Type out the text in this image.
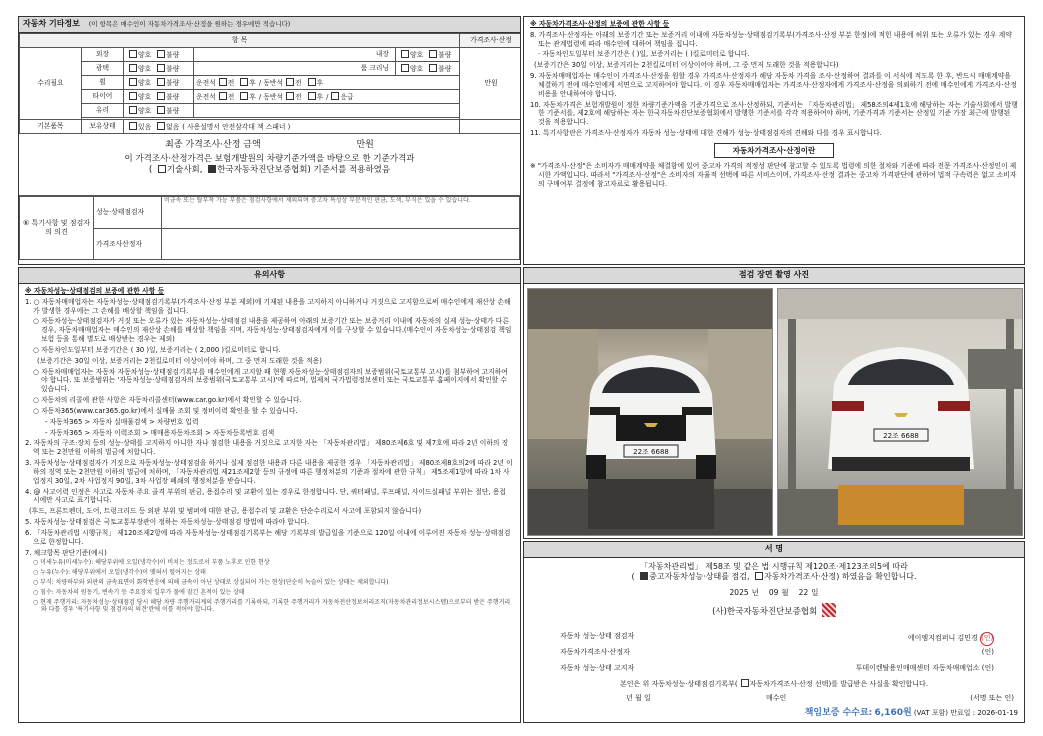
자동차 기타정보 (이 항목은 매수인이 자동차가격조사·산정을 원하는 경우에만 적습니다)
항 목					가격조사·산정
수리필요	외장	양호 불량	내장	양호 불량	만원
	광택	양호 불량	룸 크리닝	양호 불량	
	휠	양호 불량	운전석 전 후 / 동반석 전 후		
	타이어	양호 불량	운전석 전 후 / 동반석 전 후 / 응급		
	유리	양호 불량			

기본품목	보유상태	있음 없음 ( 사용설명서 안전삼각대 잭 스패너 )			
최종 가격조사·산정 금액	만원
이 가격조사·산정가격은 보험개발원의 차량기준가액을 바탕으로 한 기준가격과
( 기술사회, 한국자동차진단보증협회) 기준서를 적용하였음
⑥ 특기사항 및 점검자의 의견	성능·상태점검자	비금속 또는 탈부착 가능 부품은 점검사항에서 제외되며 중고차 특성상 부분적인 판금, 도색, 부식은 있을 수 있습니다.
	가격조사산정자	
※ 자동차가격조사·산정의 보증에 관한 사항 등
8. 가격조사·산정자는 아래의 보증기간 또는 보증거리 이내에 자동차성능·상태점검기록부(가격조사·산정 부분 한정)에 적힌 내용에 허위 또는 오류가 있는 경우 계약 또는 관계법령에 따라 매수인에 대하여 책임을 집니다.
· 자동차인도일부터 보증기간은 ( )일, 보증거리는 ( )킬로미터로 합니다.
(보증기간은 30일 이상, 보증거리는 2천킬로미터 이상이어야 하며, 그 중 먼저 도래한 것을 적용합니다)
9. 자동차매매업자는 매수인이 가격조사·산정을 원할 경우 가격조사·산정자가 해당 자동차 가격을 조사·산정하여 결과를 이 서식에 적도록 한 후, 반드시 매매계약을 체결하기 전에 매수인에게 서면으로 고지하여야 합니다. 이 경우 자동차매매업자는 가격조사·산정자에게 가격조사·산정을 의뢰하기 전에 매수인에게 가격조사·산정 비용을 안내하여야 합니다.
10. 자동차가격은 보험개발원이 정한 차량기준가액을 기준가격으로 조사·산정하되, 기준서는 「자동차관리법」 제58조의4제1호에 해당하는 자는 기술사회에서 발행한 기준서를, 제2호에 해당하는 자는 한국자동차진단보증협회에서 발행한 기준서를 각각 적용하여야 하며, 기준가격과 기준서는 산정일 기준 가장 최근에 발행된 것을 적용합니다.
11. 특기사항란은 가격조사·산정자가 자동차 성능·상태에 대한 견해가 성능·상태점검자의 견해와 다를 경우 표시합니다.
자동차가격조사·산정이란
※ "가격조사·산정"은 소비자가 매매계약을 체결함에 있어 중고차 가격의 적정성 판단에 참고할 수 있도록 법령에 의한 절차와 기준에 따라 전문 가격조사·산정인이 제시한 가액입니다. 따라서 "가격조사·산정"은 소비자의 자율적 선택에 따른 서비스이며, 가격조사·산정 결과는 중고차 가격판단에 관하여 법적 구속력은 없고 소비자의 구매여부 결정에 참고자료로 활용됩니다.
유의사항
※ 자동차성능·상태점검의 보증에 관한 사항 등
1. ○ 자동차매매업자는 자동차성능·상태점검기록부(가격조사·산정 부분 제외)에 기재된 내용을 고지하지 아니하거나 거짓으로 고지함으로써 매수인에게 재산상 손해가 발생한 경우에는 그 손해를 배상할 책임을 집니다.
○ 자동차성능·상태점검자가 거짓 또는 오류가 있는 자동차성능·상태점검 내용을 제공하여 아래의 보증기간 또는 보증거리 이내에 자동차의 실제 성능·상태가 다른 경우, 자동차매매업자는 매수인의 재산상 손해를 배상할 책임을 지며, 자동차성능·상태점검자에게 이를 구상할 수 있습니다.(매수인이 자동차성능·상태점검 책임보험 등을 통해 별도로 배상받는 경우는 제외)
○ 자동차인도일부터 보증기간은 ( 30 )일, 보증거리는 ( 2,000 )킬로미터로 합니다.
(보증기간은 30일 이상, 보증거리는 2천킬로미터 이상이어야 하며, 그 중 먼저 도래한 것을 적용)
○ 자동차매매업자는 자동차 자동차성능·상태점검기록부를 매수인에게 고지할 때 현행 자동차성능·상태점검자의 보증범위(국토교통부 고시)를 첨부하여 고지하여야 합니다. 또 보증범위는 '자동차성능·상태점검자의 보증범위(국토교통부 고시)'에 따르며, 법제처 국가법령정보센터 또는 국토교통부 홈페이지에서 확인할 수 있습니다.
○ 자동차의 리콜에 관한 사항은 자동차리콜센터(www.car.go.kr)에서 확인할 수 있습니다.
○ 자동차365(www.car365.go.kr)에서 실매물 조회 및 정비이력 확인을 할 수 있습니다.
- 자동차365 > 자동차 실매물검색 > 차량번호 입력
- 자동차365 > 자동차 이력조회 > 매매용자동차조회 > 자동차등록번호 검색
2. 자동차의 구조·장치 등의 성능·상태를 고지하지 아니한 자나 점검한 내용을 거짓으로 고지한 자는 「자동차관리법」 제80조제6호 및 제7호에 따라 2년 이하의 징역 또는 2천만원 이하의 벌금에 처합니다.
3. 자동차성능·상태점검자가 거짓으로 자동차성능·상태점검을 하거나 실제 점검한 내용과 다른 내용을 제공한 경우 「자동차관리법」 제80조제8호의2에 따라 2년 이하의 징역 또는 2천만원 이하의 벌금에 처하며, 「자동차관리법 제21조제2항 등의 규정에 따른 행정처분의 기준과 절차에 관한 규칙」 제5조제1항에 따라 1차 사업정지 30일, 2차 사업정지 90일, 3차 사업장 폐쇄의 행정처분을 받습니다.
4. @ 사고이력 인정은 사고로 자동차 주요 골격 부위의 판금, 용접수리 및 교환이 있는 경우로 한정합니다. 단, 쿼터패널, 루프패널, 사이드실패널 부위는 절단, 용접 시에만 사고로 표기합니다.
(후드, 프론트펜더, 도어, 트렁크리드 등 외판 부위 및 범퍼에 대한 판금, 용접수리 및 교환은 단순수리로서 사고에 포함되지 않습니다)
5. 자동차성능·상태점검은 국토교통부장관이 정하는 자동차성능·상태점검 방법에 따라야 합니다.
6. 「자동차관리법 시행규칙」 제120조제2항에 따라 자동차성능·상태점검기록부는 해당 기록부의 발급일을 기준으로 120일 이내에 이루어진 자동차 성능·상태점검으로 한정합니다.
7. 체크항목 판단기준(예시)
○ 미세누유(미세누수): 해당부위에 오일(냉각수)이 비치는 정도로서 부품 노후로 인한 현상
○ 누유(누수): 해당부위에서 오일(냉각수)이 맺혀서 떨어지는 상태
○ 부식: 차량하부와 외판의 금속표면이 화학반응에 의해 금속이 아닌 상태로 상실되어 가는 현상(단순히 녹슬어 있는 상태는 제외합니다)
○ 침수: 자동차의 원동기, 변속기 등 주요장치 일부가 물에 잠긴 흔적이 있는 상태
○ 현재 주행거리: 자동차성능·상태점검 당시 해당 차량 주행거리계의 주행거리를 기록하되, 기록한 주행거리가 자동차전산정보처리조직(자동차관리정보시스템)으로부터 받은 주행거리와 다를 경우 '특기사항 및 점검자의 의견'란에 이를 적어야 합니다.
점검 장면 촬영 사진
22조 6688
22조 6688
서 명
「자동차관리법」 제58조 및 같은 법 시행규칙 제120조·제123조의5에 따라
( 중고자동차성능·상태를 점검, 자동차가격조사·산정) 하였음을 확인합니다.
2025 년 09 월 22 일
(사)한국자동차진단보증협회
자동차 성능·상태 점검자	에이엠지컴퍼니 김민경 (인)
자동차가격조사·산정자	(인)
자동차 성능·상태 고지자	투데이렌탈용인매매센터 자동차매매업소 (인)
본인은 위 자동차성능·상태점검기록부( 자동차가격조사·산정 선택)를 발급받은 사실을 확인합니다.
년 월 일	매수인	(서명 또는 인)
책임보증 수수료: 6,160원 (VAT 포함) 만료일 : 2026-01-19
